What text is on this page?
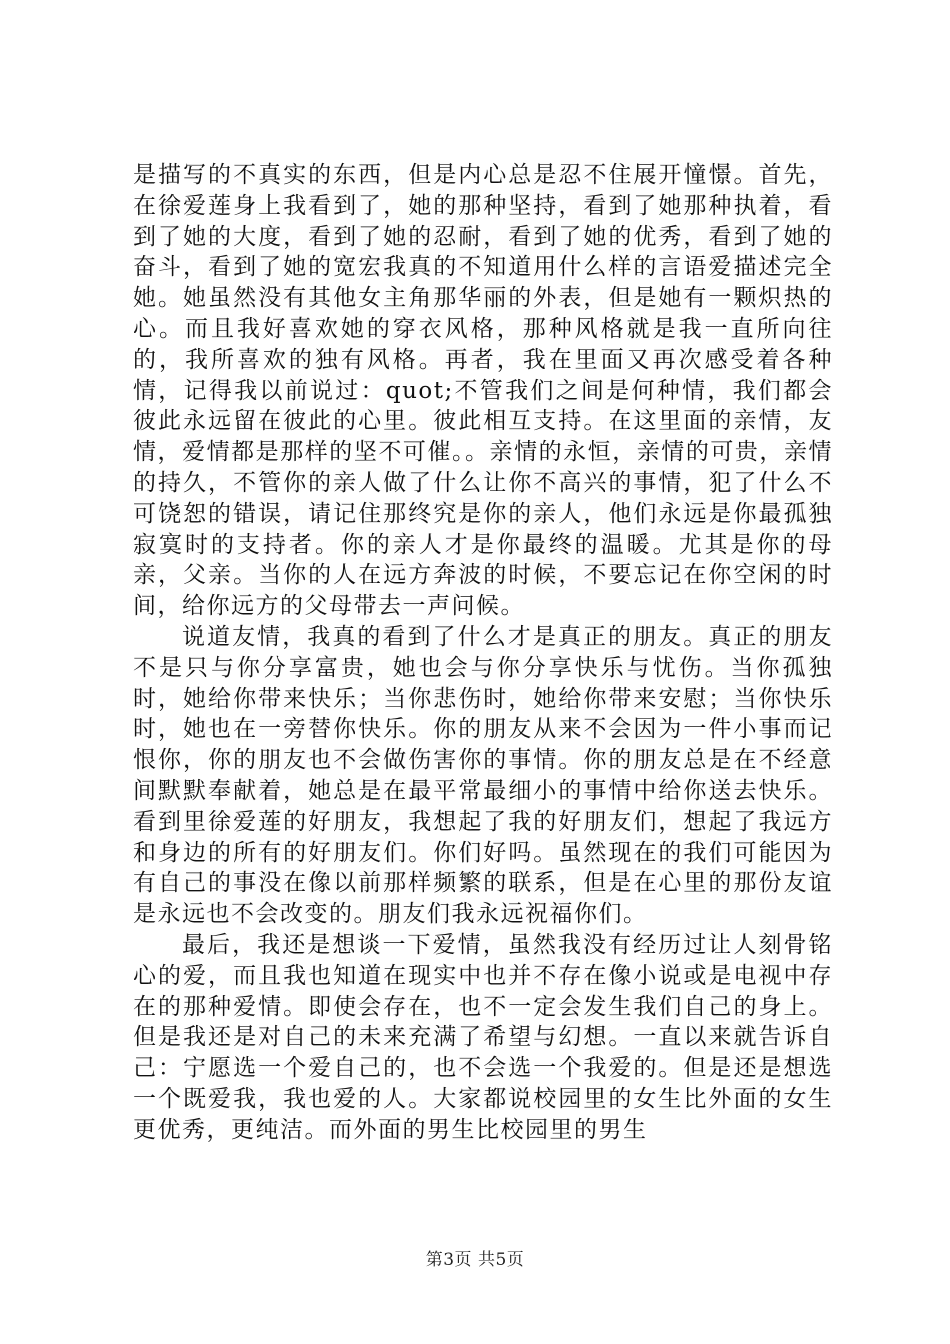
是描写的不真实的东西，但是内心总是忍不住展开憧憬。首先，在徐爱莲身上我看到了，她的那种坚持，看到了她那种执着，看到了她的大度，看到了她的忍耐，看到了她的优秀，看到了她的奋斗，看到了她的宽宏我真的不知道用什么样的言语爱描述完全她。她虽然没有其他女主角那华丽的外表，但是她有一颗炽热的心。而且我好喜欢她的穿衣风格，那种风格就是我一直所向往的，我所喜欢的独有风格。再者，我在里面又再次感受着各种情，记得我以前说过：quot;不管我们之间是何种情，我们都会彼此永远留在彼此的心里。彼此相互支持。在这里面的亲情，友情，爱情都是那样的坚不可催。。亲情的永恒，亲情的可贵，亲情的持久，不管你的亲人做了什么让你不高兴的事情，犯了什么不可饶恕的错误，请记住那终究是你的亲人，他们永远是你最孤独寂寞时的支持者。你的亲人才是你最终的温暖。尤其是你的母亲，父亲。当你的人在远方奔波的时候，不要忘记在你空闲的时间，给你远方的父母带去一声问候。

说道友情，我真的看到了什么才是真正的朋友。真正的朋友不是只与你分享富贵，她也会与你分享快乐与忧伤。当你孤独时，她给你带来快乐；当你悲伤时，她给你带来安慰；当你快乐时，她也在一旁替你快乐。你的朋友从来不会因为一件小事而记恨你，你的朋友也不会做伤害你的事情。你的朋友总是在不经意间默默奉献着，她总是在最平常最细小的事情中给你送去快乐。看到里徐爱莲的好朋友，我想起了我的好朋友们，想起了我远方和身边的所有的好朋友们。你们好吗。虽然现在的我们可能因为有自己的事没在像以前那样频繁的联系，但是在心里的那份友谊是永远也不会改变的。朋友们我永远祝福你们。

最后，我还是想谈一下爱情，虽然我没有经历过让人刻骨铭心的爱，而且我也知道在现实中也并不存在像小说或是电视中存在的那种爱情。即使会存在，也不一定会发生我们自己的身上。但是我还是对自己的未来充满了希望与幻想。一直以来就告诉自己：宁愿选一个爱自己的，也不会选一个我爱的。但是还是想选一个既爱我，我也爱的人。大家都说校园里的女生比外面的女生更优秀，更纯洁。而外面的男生比校园里的男生

第3页 共5页
